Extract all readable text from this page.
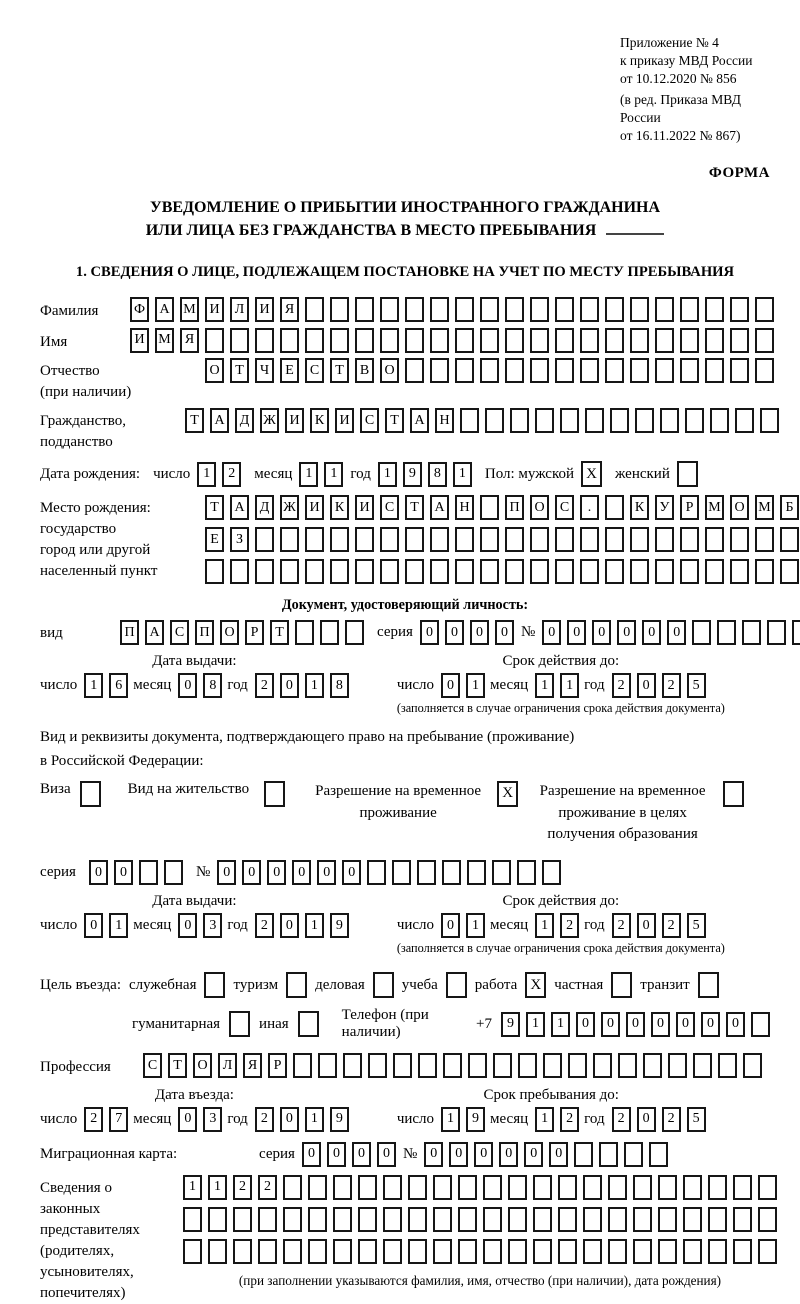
Приложение № 4
к приказу МВД России
от 10.12.2020 № 856
(в ред. Приказа МВД России
от 16.11.2022 № 867)
ФОРМА
УВЕДОМЛЕНИЕ О ПРИБЫТИИ ИНОСТРАННОГО ГРАЖДАНИНА
ИЛИ ЛИЦА БЕЗ ГРАЖДАНСТВА В МЕСТО ПРЕБЫВАНИЯ
1. СВЕДЕНИЯ О ЛИЦЕ, ПОДЛЕЖАЩЕМ ПОСТАНОВКЕ НА УЧЕТ ПО МЕСТУ ПРЕБЫВАНИЯ
Фамилия	Ф	А М И	Л	И	Я
Имя	И М	Я
Отчество
(при наличии)
О	Т	Ч	Е	С	Т	В	О
Гражданство,
подданство
Т	А	Д Ж И	К	И	С	Т	А	Н
Дата рождения: число 1	2	месяц 1	1 год 1	9	8	1	Пол: мужской X	женский
Место рождения:
государство
город или другой
населенный пункт
Т	А	Д Ж И	К	И	С	Т	А	Н	П	О	С	.	К	У	Р	М О М	Б
Е	З
Документ, удостоверяющий личность:
вид	П	А	С	П	О	Р	Т	серия 0	0	0	0 № 0	0	0	0	0	0
Дата выдачи:
число 1	6 месяц 0	8 год 2	0	1	8
Срок действия до:
число 0	1 месяц 1	1 год 2	0	2	5
(заполняется в случае ограничения срока действия документа)
Вид и реквизиты документа, подтверждающего право на пребывание (проживание)
в Российской Федерации:
Виза	Вид на жительство	Разрешение на временное
проживание
X	Разрешение на временное
проживание в целях
получения образования
серия	0	0	№ 0	0	0	0	0	0
Дата выдачи:
число 0	1 месяц 0	3 год 2	0	1	9
Срок действия до:
число 0	1 месяц 1	2 год 2	0	2	5
(заполняется в случае ограничения срока действия документа)
Цель въезда: служебная туризм деловая учеба работа X частная транзит
гуманитарная	иная
Телефон (при наличии)
+7	9	1	1	0	0	0	0	0	0	0
Профессия	С	Т	О	Л	Я	Р
Дата въезда:
число 2	7 месяц 0	3 год 2	0	1	9
Срок пребывания до:
число 1	9 месяц 1	2 год 2	0	2	5
Миграционная карта:	серия 0	0	0	0 № 0	0	0	0	0	0
Сведения о
законных
представителях
(родителях,
усыновителях,
попечителях)
1	1	2	2
(при заполнении указываются фамилия, имя, отчество (при наличии), дата рождения)
